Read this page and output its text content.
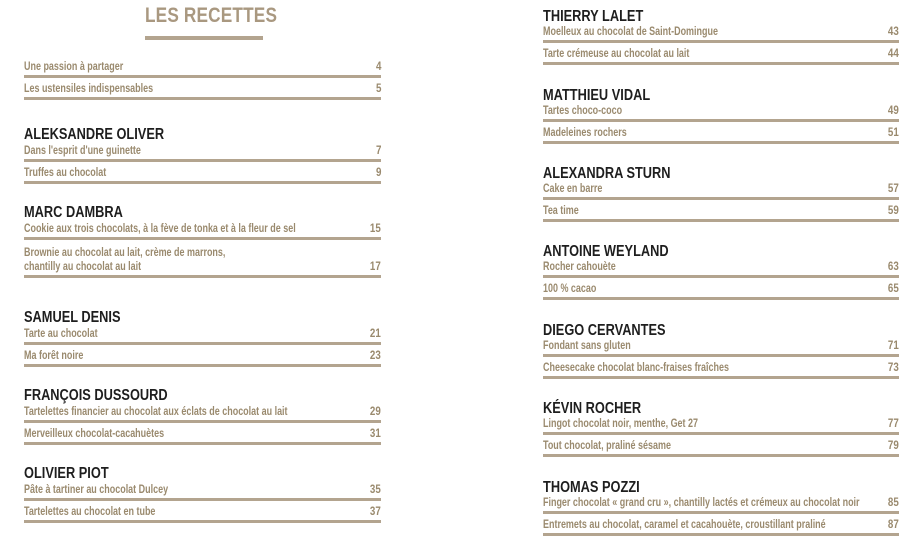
LES RECETTES
Une passion à partager	4
Les ustensiles indispensables	5
ALEKSANDRE OLIVER
Dans l'esprit d'une guinette	7
Truffes au chocolat	9
MARC DAMBRA
Cookie aux trois chocolats, à la fève de tonka et à la fleur de sel	15
Brownie au chocolat au lait, crème de marrons,
chantilly au chocolat au lait	17
SAMUEL DENIS
Tarte au chocolat	21
Ma forêt noire	23
FRANÇOIS DUSSOURD
Tartelettes financier au chocolat aux éclats de chocolat au lait	29
Merveilleux chocolat-cacahuètes	31
OLIVIER PIOT
Pâte à tartiner au chocolat Dulcey	35
Tartelettes au chocolat en tube	37
THIERRY LALET
Moelleux au chocolat de Saint-Domingue	43
Tarte crémeuse au chocolat au lait	44
MATTHIEU VIDAL
Tartes choco-coco	49
Madeleines rochers	51
ALEXANDRA STURN
Cake en barre	57
Tea time	59
ANTOINE WEYLAND
Rocher cahouète	63
100 % cacao	65
DIEGO CERVANTES
Fondant sans gluten	71
Cheesecake chocolat blanc-fraises fraîches	73
KÉVIN ROCHER
Lingot chocolat noir, menthe, Get 27	77
Tout chocolat, praliné sésame	79
THOMAS POZZI
Finger chocolat « grand cru », chantilly lactés et crémeux au chocolat noir 85
Entremets au chocolat, caramel et cacahouète, croustillant praliné	87
